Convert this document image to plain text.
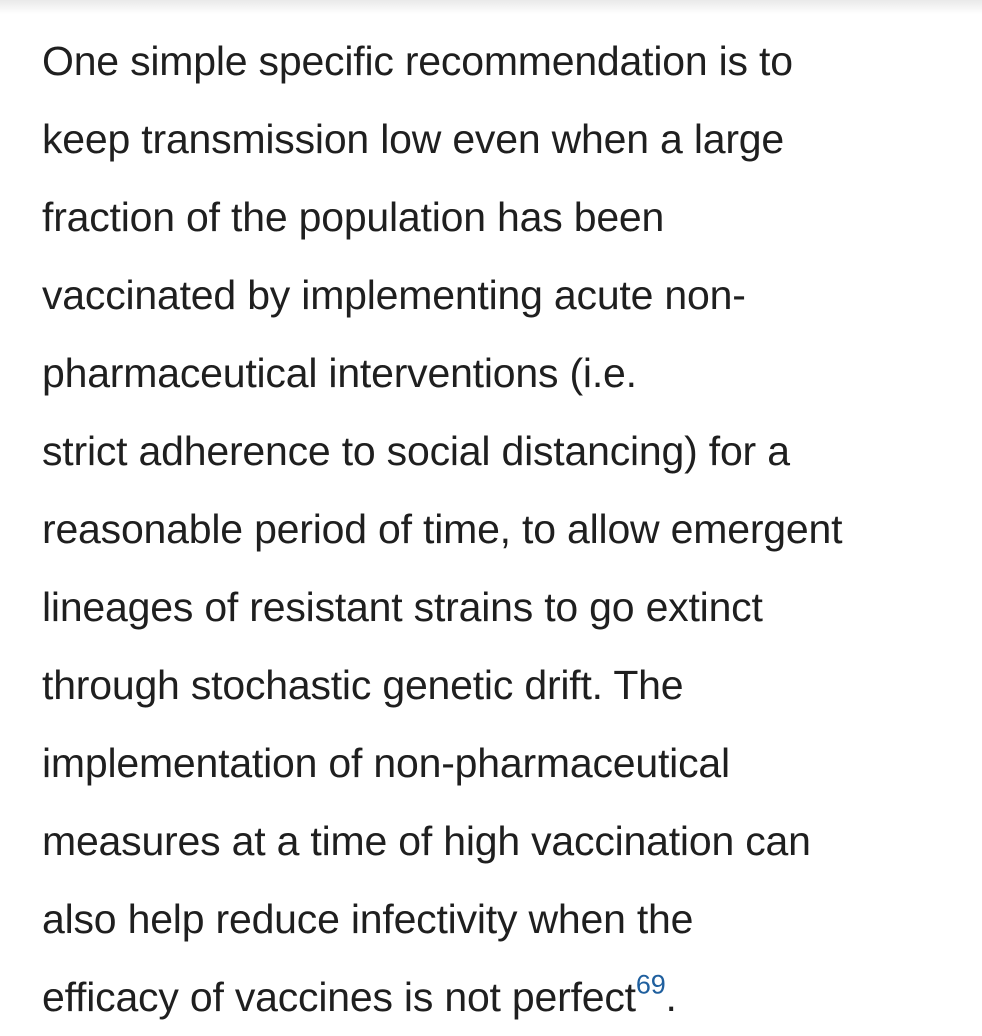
One simple specific recommendation is to
keep transmission low even when a large
fraction of the population has been
vaccinated by implementing acute non-
pharmaceutical interventions (i.e.
strict adherence to social distancing) for a
reasonable period of time, to allow emergent
lineages of resistant strains to go extinct
through stochastic genetic drift. The
implementation of non-pharmaceutical
measures at a time of high vaccination can
also help reduce infectivity when the
efficacy of vaccines is not perfect$^{69}$.
